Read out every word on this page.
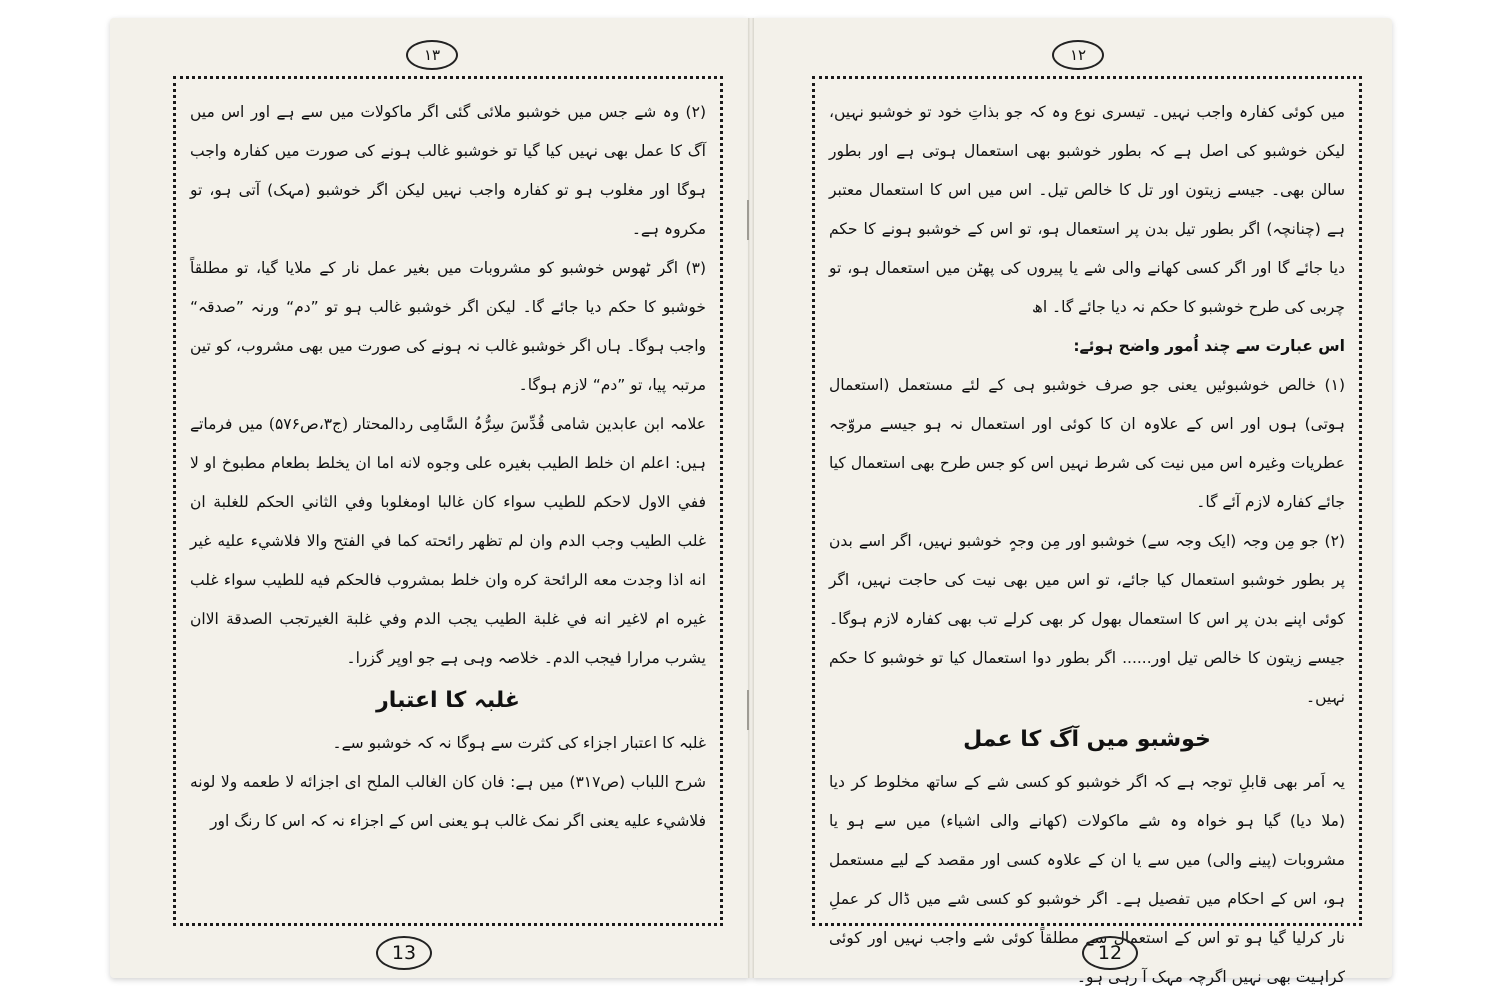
۱۳

(۲) وہ شے جس میں خوشبو ملائی گئی اگر ماکولات میں سے ہے اور اس میں آگ کا عمل بھی نہیں کیا گیا تو خوشبو غالب ہونے کی صورت میں کفارہ واجب ہوگا اور مغلوب ہو تو کفارہ واجب نہیں لیکن اگر خوشبو (مہک) آتی ہو، تو مکروہ ہے۔

(۳) اگر ٹھوس خوشبو کو مشروبات میں بغیر عمل نار کے ملایا گیا، تو مطلقاً خوشبو کا حکم دیا جائے گا۔ لیکن اگر خوشبو غالب ہو تو ”دم“ ورنہ ”صدقہ“ واجب ہوگا۔ ہاں اگر خوشبو غالب نہ ہونے کی صورت میں بھی مشروب، کو تین مرتبہ پیا، تو ”دم“ لازم ہوگا۔

علامہ ابن عابدین شامی قُدِّسَ سِرُّہُ السَّامِی ردالمحتار (ج۳،ص۵۷۶) میں فرماتے ہیں: اعلم ان خلط الطيب بغيره على وجوه لانه اما ان يخلط بطعام مطبوخ او لا ففي الاول لاحكم للطيب سواء كان غالبا اومغلوبا وفي الثاني الحكم للغلبة ان غلب الطيب وجب الدم وان لم تظهر رائحته كما في الفتح والا فلاشيء عليه غير انه اذا وجدت معه الرائحة كره وان خلط بمشروب فالحكم فيه للطيب سواء غلب غيره ام لاغير انه في غلبة الطيب يجب الدم وفي غلبة الغيرتجب الصدقة الاان يشرب مرارا فيجب الدم۔ خلاصہ وہی ہے جو اوپر گزرا۔

غلبہ کا اعتبار

غلبہ کا اعتبار اجزاء کی کثرت سے ہوگا نہ کہ خوشبو سے۔

شرح اللباب (ص۳۱۷) میں ہے: فان كان الغالب الملح اى اجزائه لا طعمه ولا لونه فلاشيء عليه یعنی اگر نمک غالب ہو یعنی اس کے اجزاء نہ کہ اس کا رنگ اور

13
۱۲

میں کوئی کفارہ واجب نہیں۔ تیسری نوع وہ کہ جو بذاتِ خود تو خوشبو نہیں، لیکن خوشبو کی اصل ہے کہ بطور خوشبو بھی استعمال ہوتی ہے اور بطور سالن بھی۔ جیسے زیتون اور تل کا خالص تیل۔ اس میں اس کا استعمال معتبر ہے (چنانچہ) اگر بطور تیل بدن پر استعمال ہو، تو اس کے خوشبو ہونے کا حکم دیا جائے گا اور اگر کسی کھانے والی شے یا پیروں کی پھٹن میں استعمال ہو، تو چربی کی طرح خوشبو کا حکم نہ دیا جائے گا۔ اھ

اس عبارت سے چند اُمور واضح ہوئے:

(۱) خالص خوشبوئیں یعنی جو صرف خوشبو ہی کے لئے مستعمل (استعمال ہوتی) ہوں اور اس کے علاوہ ان کا کوئی اور استعمال نہ ہو جیسے مروّجہ عطریات وغیرہ اس میں نیت کی شرط نہیں اس کو جس طرح بھی استعمال کیا جائے کفارہ لازم آئے گا۔

(۲) جو مِن وجہ (ایک وجہ سے) خوشبو اور مِن وجہٍ خوشبو نہیں، اگر اسے بدن پر بطور خوشبو استعمال کیا جائے، تو اس میں بھی نیت کی حاجت نہیں، اگر کوئی اپنے بدن پر اس کا استعمال بھول کر بھی کرلے تب بھی کفارہ لازم ہوگا۔ جیسے زیتون کا خالص تیل اور...... اگر بطور دوا استعمال کیا تو خوشبو کا حکم نہیں۔

خوشبو میں آگ کا عمل

یہ اَمر بھی قابلِ توجہ ہے کہ اگر خوشبو کو کسی شے کے ساتھ مخلوط کر دیا (ملا دیا) گیا ہو خواہ وہ شے ماکولات (کھانے والی اشیاء) میں سے ہو یا مشروبات (پینے والی) میں سے یا ان کے علاوہ کسی اور مقصد کے لیے مستعمل ہو، اس کے احکام میں تفصیل ہے۔ اگر خوشبو کو کسی شے میں ڈال کر عملِ نار کرلیا گیا ہو تو اس کے استعمال سے مطلقاً کوئی شے واجب نہیں اور کوئی کراہیت بھی نہیں اگرچہ مہک آ رہی ہو۔

12
